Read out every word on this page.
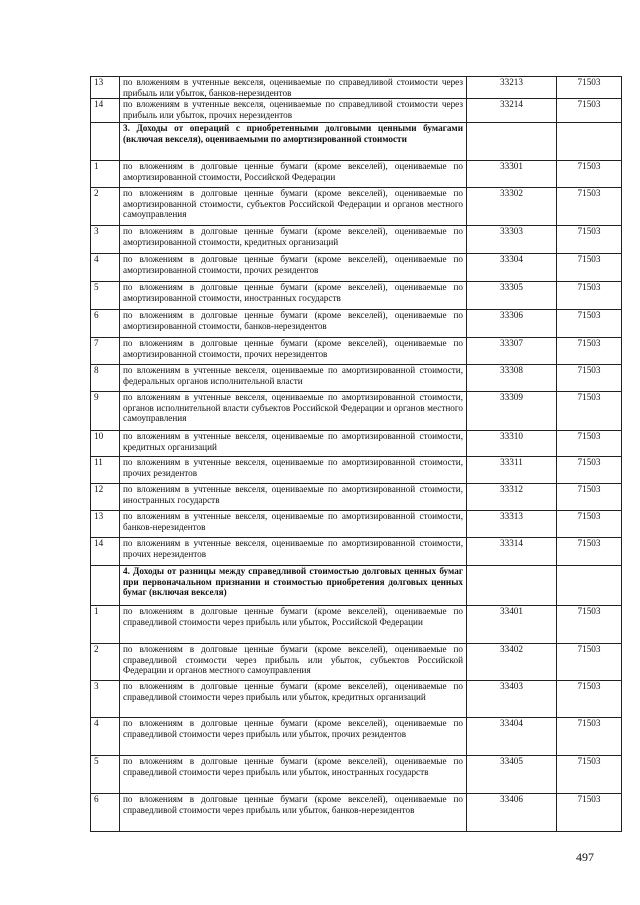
13	по вложениям в учтенные векселя, оцениваемые по справедливой стоимости через прибыль или убыток, банков-нерезидентов	33213	71503
14	по вложениям в учтенные векселя, оцениваемые по справедливой стоимости через прибыль или убыток, прочих нерезидентов	33214	71503
	3. Доходы от операций с приобретенными долговыми ценными бумагами (включая векселя), оцениваемыми по амортизированной стоимости		
1	по вложениям в долговые ценные бумаги (кроме векселей), оцениваемые по амортизированной стоимости, Российской Федерации	33301	71503
2	по вложениям в долговые ценные бумаги (кроме векселей), оцениваемые по амортизированной стоимости, субъектов Российской Федерации и органов местного самоуправления	33302	71503
3	по вложениям в долговые ценные бумаги (кроме векселей), оцениваемые по амортизированной стоимости, кредитных организаций	33303	71503
4	по вложениям в долговые ценные бумаги (кроме векселей), оцениваемые по амортизированной стоимости, прочих резидентов	33304	71503
5	по вложениям в долговые ценные бумаги (кроме векселей), оцениваемые по амортизированной стоимости, иностранных государств	33305	71503
6	по вложениям в долговые ценные бумаги (кроме векселей), оцениваемые по амортизированной стоимости, банков-нерезидентов	33306	71503
7	по вложениям в долговые ценные бумаги (кроме векселей), оцениваемые по амортизированной стоимости, прочих нерезидентов	33307	71503
8	по вложениям в учтенные векселя, оцениваемые по амортизированной стоимости, федеральных органов исполнительной власти	33308	71503
9	по вложениям в учтенные векселя, оцениваемые по амортизированной стоимости, органов исполнительной власти субъектов Российской Федерации и органов местного самоуправления	33309	71503
10	по вложениям в учтенные векселя, оцениваемые по амортизированной стоимости, кредитных организаций	33310	71503
11	по вложениям в учтенные векселя, оцениваемые по амортизированной стоимости, прочих резидентов	33311	71503
12	по вложениям в учтенные векселя, оцениваемые по амортизированной стоимости, иностранных государств	33312	71503
13	по вложениям в учтенные векселя, оцениваемые по амортизированной стоимости, банков-нерезидентов	33313	71503
14	по вложениям в учтенные векселя, оцениваемые по амортизированной стоимости, прочих нерезидентов	33314	71503
	4. Доходы от разницы между справедливой стоимостью долговых ценных бумаг при первоначальном признании и стоимостью приобретения долговых ценных бумаг (включая векселя)		
1	по вложениям в долговые ценные бумаги (кроме векселей), оцениваемые по справедливой стоимости через прибыль или убыток, Российской Федерации	33401	71503
2	по вложениям в долговые ценные бумаги (кроме векселей), оцениваемые по справедливой стоимости через прибыль или убыток, субъектов Российской Федерации и органов местного самоуправления	33402	71503
3	по вложениям в долговые ценные бумаги (кроме векселей), оцениваемые по справедливой стоимости через прибыль или убыток, кредитных организаций	33403	71503
4	по вложениям в долговые ценные бумаги (кроме векселей), оцениваемые по справедливой стоимости через прибыль или убыток, прочих резидентов	33404	71503
5	по вложениям в долговые ценные бумаги (кроме векселей), оцениваемые по справедливой стоимости через прибыль или убыток, иностранных государств	33405	71503
6	по вложениям в долговые ценные бумаги (кроме векселей), оцениваемые по справедливой стоимости через прибыль или убыток, банков-нерезидентов	33406	71503
497
